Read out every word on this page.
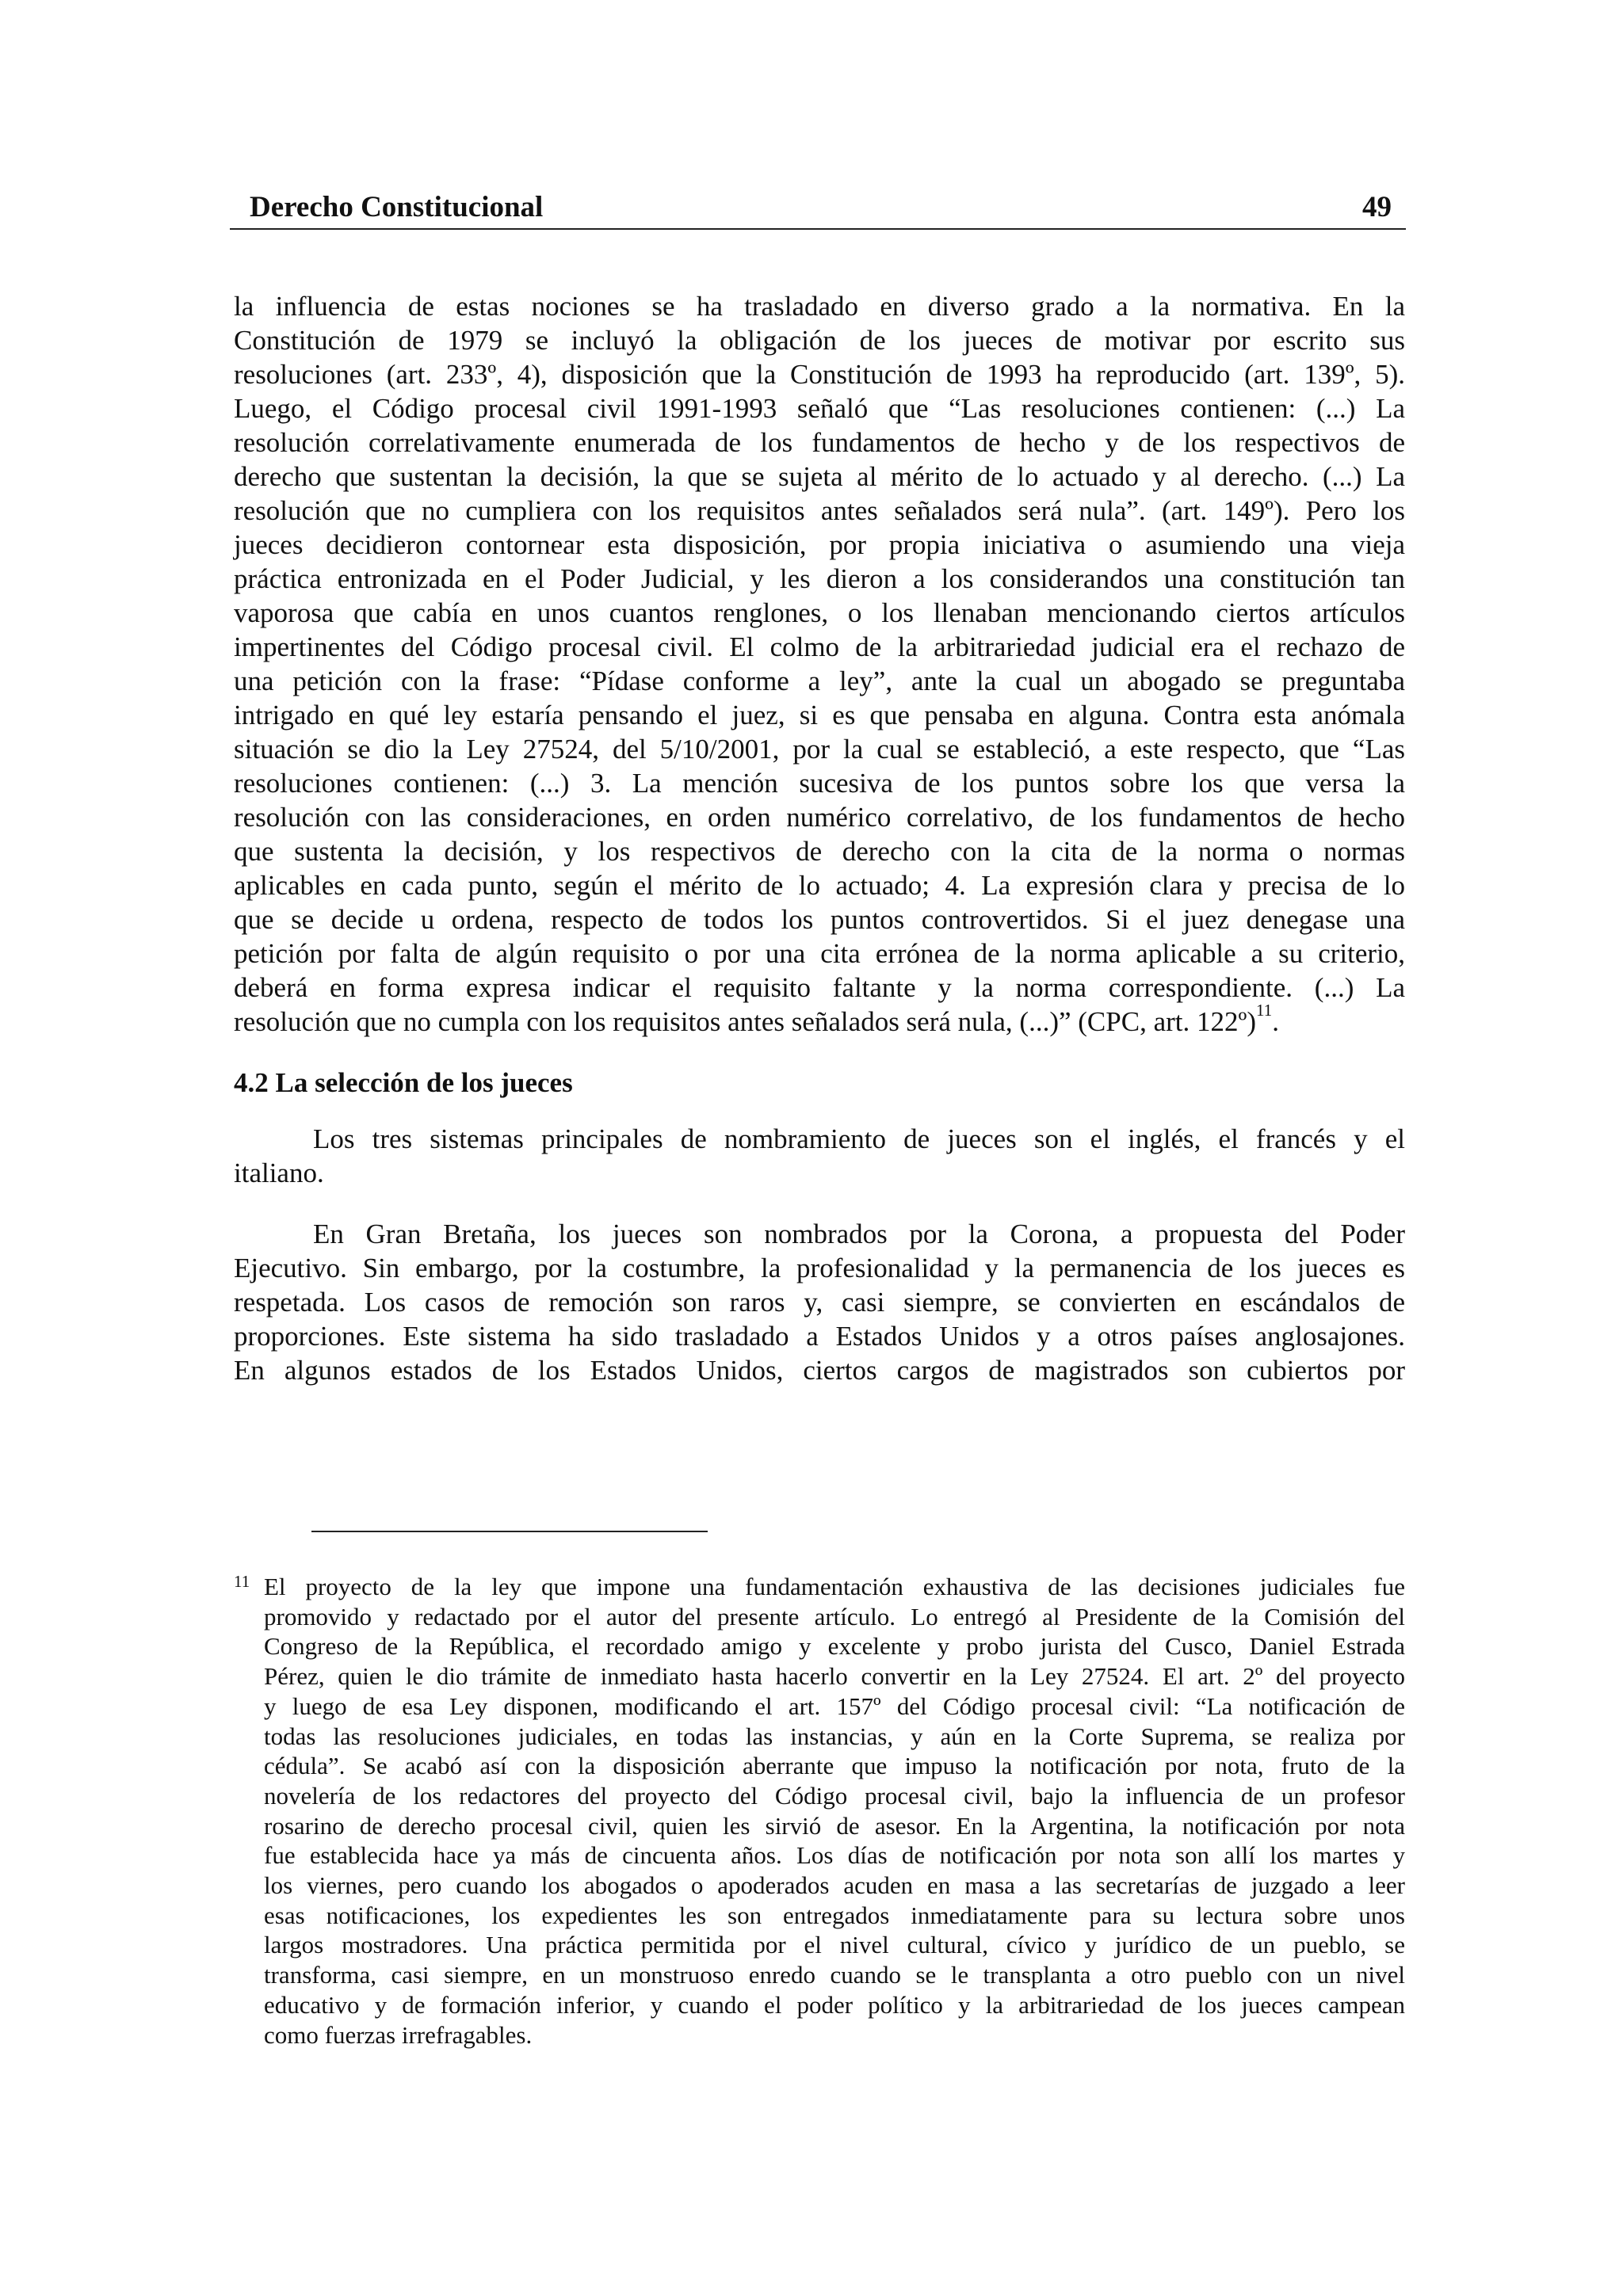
Derecho Constitucional	49
la influencia de estas nociones se ha trasladado en diverso grado a la normativa. En la
Constitución de 1979 se incluyó la obligación de los jueces de motivar por escrito sus
resoluciones (art. 233º, 4), disposición que la Constitución de 1993 ha reproducido (art. 139º, 5).
Luego, el Código procesal civil 1991-1993 señaló que “Las resoluciones contienen: (...) La
resolución correlativamente enumerada de los fundamentos de hecho y de los respectivos de
derecho que sustentan la decisión, la que se sujeta al mérito de lo actuado y al derecho. (...) La
resolución que no cumpliera con los requisitos antes señalados será nula”. (art. 149º). Pero los
jueces decidieron contornear esta disposición, por propia iniciativa o asumiendo una vieja
práctica entronizada en el Poder Judicial, y les dieron a los considerandos una constitución tan
vaporosa que cabía en unos cuantos renglones, o los llenaban mencionando ciertos artículos
impertinentes del Código procesal civil. El colmo de la arbitrariedad judicial era el rechazo de
una petición con la frase: “Pídase conforme a ley”, ante la cual un abogado se preguntaba
intrigado en qué ley estaría pensando el juez, si es que pensaba en alguna. Contra esta anómala
situación se dio la Ley 27524, del 5/10/2001, por la cual se estableció, a este respecto, que “Las
resoluciones contienen: (...) 3. La mención sucesiva de los puntos sobre los que versa la
resolución con las consideraciones, en orden numérico correlativo, de los fundamentos de hecho
que sustenta la decisión, y los respectivos de derecho con la cita de la norma o normas
aplicables en cada punto, según el mérito de lo actuado; 4. La expresión clara y precisa de lo
que se decide u ordena, respecto de todos los puntos controvertidos. Si el juez denegase una
petición por falta de algún requisito o por una cita errónea de la norma aplicable a su criterio,
deberá en forma expresa indicar el requisito faltante y la norma correspondiente. (...) La
resolución que no cumpla con los requisitos antes señalados será nula, (...)” (CPC, art. 122º)$^{11}$.
4.2 La selección de los jueces
Los tres sistemas principales de nombramiento de jueces son el inglés, el francés y el
italiano.
En Gran Bretaña, los jueces son nombrados por la Corona, a propuesta del Poder
Ejecutivo. Sin embargo, por la costumbre, la profesionalidad y la permanencia de los jueces es
respetada. Los casos de remoción son raros y, casi siempre, se convierten en escándalos de
proporciones. Este sistema ha sido trasladado a Estados Unidos y a otros países anglosajones.
En algunos estados de los Estados Unidos, ciertos cargos de magistrados son cubiertos por
11 El proyecto de la ley que impone una fundamentación exhaustiva de las decisiones judiciales fue
promovido y redactado por el autor del presente artículo. Lo entregó al Presidente de la Comisión del
Congreso de la República, el recordado amigo y excelente y probo jurista del Cusco, Daniel Estrada
Pérez, quien le dio trámite de inmediato hasta hacerlo convertir en la Ley 27524. El art. 2º del proyecto
y luego de esa Ley disponen, modificando el art. 157º del Código procesal civil: “La notificación de
todas las resoluciones judiciales, en todas las instancias, y aún en la Corte Suprema, se realiza por
cédula”. Se acabó así con la disposición aberrante que impuso la notificación por nota, fruto de la
novelería de los redactores del proyecto del Código procesal civil, bajo la influencia de un profesor
rosarino de derecho procesal civil, quien les sirvió de asesor. En la Argentina, la notificación por nota
fue establecida hace ya más de cincuenta años. Los días de notificación por nota son allí los martes y
los viernes, pero cuando los abogados o apoderados acuden en masa a las secretarías de juzgado a leer
esas notificaciones, los expedientes les son entregados inmediatamente para su lectura sobre unos
largos mostradores. Una práctica permitida por el nivel cultural, cívico y jurídico de un pueblo, se
transforma, casi siempre, en un monstruoso enredo cuando se le transplanta a otro pueblo con un nivel
educativo y de formación inferior, y cuando el poder político y la arbitrariedad de los jueces campean
como fuerzas irrefragables.
